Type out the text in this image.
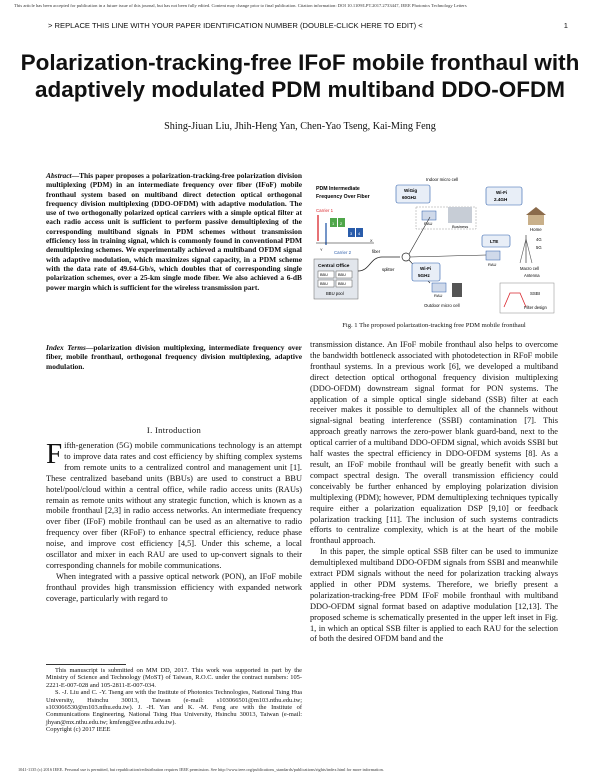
This article has been accepted for publication in a future issue of this journal, but has not been fully edited. Content may change prior to final publication. Citation information: DOI 10.1109/LPT.2017.2733447, IEEE Photonics Technology Letters
> REPLACE THIS LINE WITH YOUR PAPER IDENTIFICATION NUMBER (DOUBLE-CLICK HERE TO EDIT) <	1
Polarization-tracking-free IFoF mobile fronthaul with adaptively modulated PDM multiband DDO-OFDM
Shing-Jiuan Liu, Jhih-Heng Yan, Chen-Yao Tseng, Kai-Ming Feng
Abstract—This paper proposes a polarization-tracking-free polarization division multiplexing (PDM) in an intermediate frequency over fiber (IFoF) mobile fronthaul system based on multiband direct detection optical orthogonal frequency division multiplexing (DDO-OFDM) with adaptive modulation. The use of two orthogonally polarized optical carriers with a simple optical filter at each radio access unit is sufficient to perform passive demultiplexing of the corresponding multiband signals in PDM schemes without transmission efficiency loss in training signal, which is commonly found in conventional PDM demultiplexing schemes. We experimentally achieved a multiband OFDM signal with adaptive modulation, which maximizes signal capacity, in a PDM scheme with the data rate of 49.64-Gb/s, which doubles that of corresponding single polarization schemes, over a 25-km single mode fiber. We also achieved a 6-dB power margin which is sufficient for the wireless transmission part.
Index Terms—polarization division multiplexing, intermediate frequency over fiber, mobile fronthaul, orthogonal frequency division multiplexing, adaptive modulation.
I. Introduction

Fifth-generation (5G) mobile communications technology is an attempt to improve data rates and cost efficiency by shifting complex systems from remote units to a centralized control and management unit [1]. These centralized baseband units (BBUs) are used to construct a BBU hotel/pool/cloud within a central office, while radio access units (RAUs) remain as remote units without any strategic function, which is known as a mobile fronthaul [2,3] in radio access networks. An intermediate frequency over fiber (IFoF) mobile fronthaul can be used as an alternative to radio frequency over fiber (RFoF) to enhance spectral efficiency, reduce phase noise, and improve cost efficiency [4,5]. Under this scheme, a local oscillator and mixer in each RAU are used to up-convert signals to their corresponding channels for mobile communications.

When integrated with a passive optical network (PON), an IFoF mobile fronthaul provides high transmission efficiency with expanded network coverage, particularly with regard to

This manuscript is submitted on MM DD, 2017. This work was supported in part by the Ministry of Science and Technology (MoST) of Taiwan, R.O.C. under the contract numbers: 105-2221-E-007-028 and 105-2811-E-007-034.

S. -J. Liu and C. -Y. Tseng are with the Institute of Photonics Technologies, National Tsing Hua University, Hsinchu 30013, Taiwan (e-mail: s103066501@m103.nthu.edu.tw; s103066530@m103.nthu.edu.tw). J. -H. Yan and K. -M. Feng are with the Institute of Communications Engineering, National Tsing Hua University, Hsinchu 30013, Taiwan (e-mail: jhyan@mx.nthu.edu.tw; kmfeng@ee.nthu.edu.tw).

Copyright (c) 2017 IEEE

PDM Intermediate
Frequency Over Fiber
Carrier 1
1 2
3 4
X
Y	Carrier 2
Indoor micro cell
WiGig
60GHz
Wi-Fi
2.4GH
RAU
Business
Home
LTE	4G
5G
Macro cell
Antenna
RAU
Central Office
BBU	BBU
BBU	BBU
BBU pool
fiber
splitter	Wi-Fi
5GHz
RAU
Outdoor micro cell
SSBI
Filter design
Fig. 1 The proposed polarization-tracking free PDM mobile fronthaul

transmission distance. An IFoF mobile fronthaul also helps to overcome the bandwidth bottleneck associated with photodetection in RFoF mobile fronthaul systems. In a previous work [6], we developed a multiband direct detection optical orthogonal frequency division multiplexing (DDO-OFDM) downstream signal format for PON systems. The application of a simple optical single sideband (SSB) filter at each receiver makes it possible to demultiplex all of the channels without signal-signal beating interference (SSBI) contamination [7]. This approach greatly narrows the zero-power blank guard-band, next to the optical carrier of a multiband DDO-OFDM signal, which avoids SSBI but half wastes the spectral efficiency in DDO-OFDM systems [8]. As a result, an IFoF mobile fronthaul will be greatly benefit with such a compact spectral design. The overall transmission efficiency could conceivably be further enhanced by employing polarization division multiplexing (PDM); however, PDM demultiplexing techniques typically require either a polarization equalization DSP [9,10] or feedback polarization tracking [11]. The inclusion of such systems contradicts efforts to centralize complexity, which is at the heart of the mobile fronthaul approach.

In this paper, the simple optical SSB filter can be used to immunize demultiplexed multiband DDO-OFDM signals from SSBI and meanwhile extract PDM signals without the need for polarization tracking always applied in other PDM systems. Therefore, we briefly present a polarization-tracking-free PDM IFoF mobile fronthaul with multiband DDO-OFDM signal format based on adaptive modulation [12,13]. The proposed scheme is schematically presented in the upper left inset in Fig. 1, in which an optical SSB filter is applied to each RAU for the selection of both the desired OFDM band and the

1041-1135 (c) 2016 IEEE. Personal use is permitted, but republication/redistribution requires IEEE permission. See http://www.ieee.org/publications_standards/publications/rights/index.html for more information.
